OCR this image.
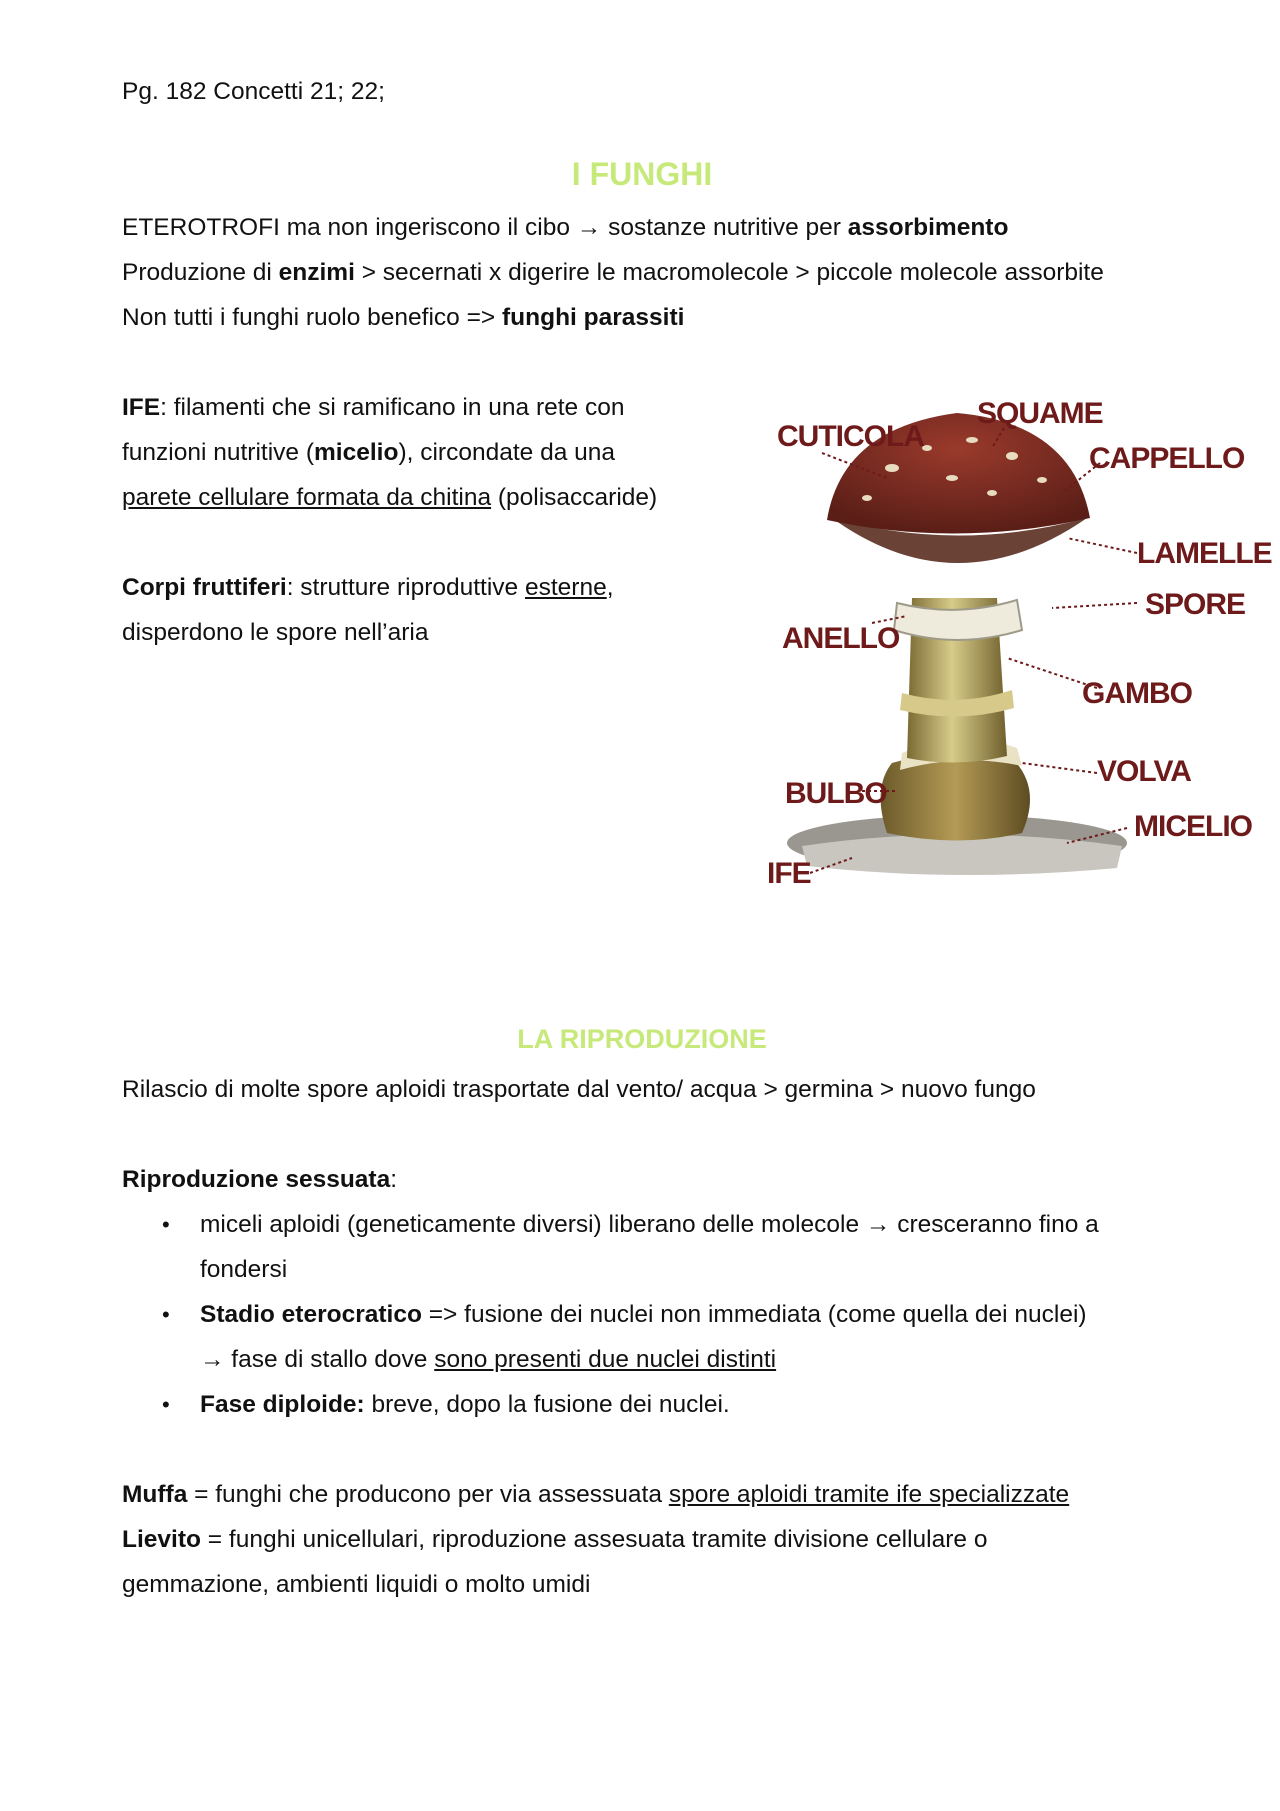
Pg. 182 Concetti 21; 22;
I FUNGHI
ETEROTROFI ma non ingeriscono il cibo → sostanze nutritive per assorbimento
Produzione di enzimi > secernati x digerire le macromolecole > piccole molecole assorbite
Non tutti i funghi ruolo benefico => funghi parassiti
IFE: filamenti che si ramificano in una rete con
funzioni nutritive (micelio), circondate da una
parete cellulare formata da chitina (polisaccaride)
Corpi fruttiferi: strutture riproduttive esterne,
disperdono le spore nell’aria
LA RIPRODUZIONE
Rilascio di molte spore aploidi trasportate dal vento/ acqua > germina > nuovo fungo
Riproduzione sessuata:
• miceli aploidi (geneticamente diversi) liberano delle molecole → cresceranno fino a
fondersi
• Stadio eterocratico => fusione dei nuclei non immediata (come quella dei nuclei)
→ fase di stallo dove sono presenti due nuclei distinti
• Fase diploide: breve, dopo la fusione dei nuclei.
Muffa = funghi che producono per via assessuata spore aploidi tramite ife specializzate
Lievito = funghi unicellulari, riproduzione assesuata tramite divisione cellulare o
gemmazione, ambienti liquidi o molto umidi
CUTICOLA
SQUAME
CAPPELLO
LAMELLE
SPORE
ANELLO
GAMBO
BULBO
VOLVA
MICELIO
IFE
